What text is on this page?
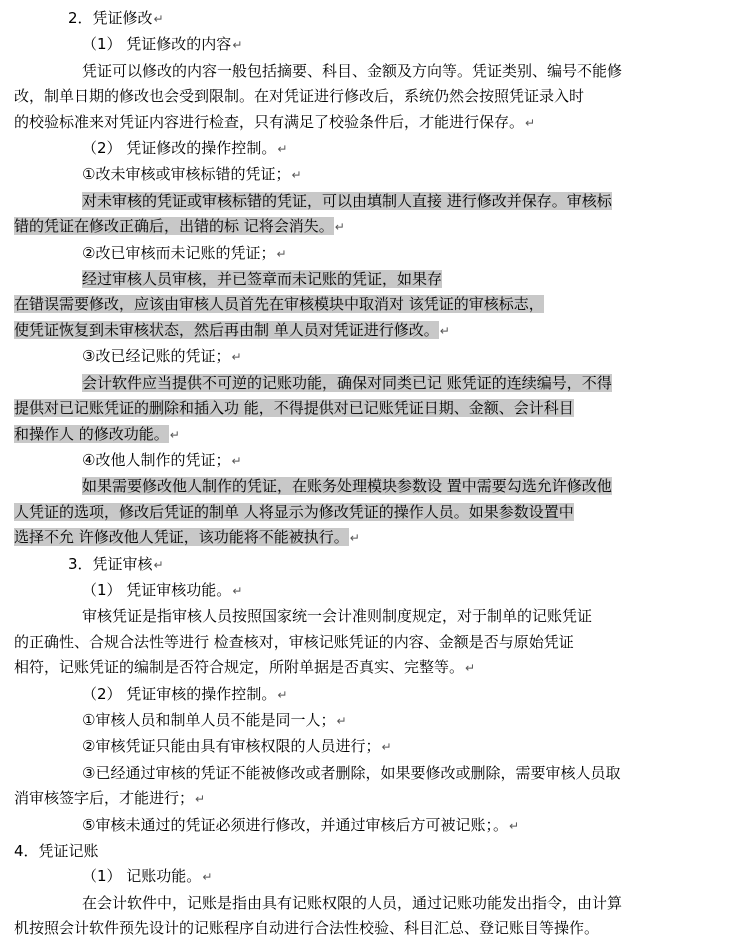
2．凭证修改↵
（1） 凭证修改的内容↵
凭证可以修改的内容一般包括摘要、科目、金额及方向等。凭证类别、编号不能修
改，制单日期的修改也会受到限制。在对凭证进行修改后，系统仍然会按照凭证录入时
的校验标准来对凭证内容进行检查，只有满足了校验条件后，才能进行保存。↵
（2） 凭证修改的操作控制。↵
①改未审核或审核标错的凭证；↵
对未审核的凭证或审核标错的凭证，可以由填制人直接 进行修改并保存。审核标
错的凭证在修改正确后，出错的标 记将会消失。↵
②改已审核而未记账的凭证；↵
经过审核人员审核，并已签章而未记账的凭证，如果存
在错误需要修改，应该由审核人员首先在审核模块中取消对 该凭证的审核标志，
使凭证恢复到未审核状态，然后再由制 单人员对凭证进行修改。↵
③改已经记账的凭证；↵
会计软件应当提供不可逆的记账功能，确保对同类已记 账凭证的连续编号，不得
提供对已记账凭证的删除和插入功 能，不得提供对已记账凭证日期、金额、会计科目
和操作人 的修改功能。↵
④改他人制作的凭证；↵
如果需要修改他人制作的凭证，在账务处理模块参数设 置中需要勾选允许修改他
人凭证的选项，修改后凭证的制单 人将显示为修改凭证的操作人员。如果参数设置中
选择不允 许修改他人凭证，该功能将不能被执行。↵
3．凭证审核↵
（1） 凭证审核功能。↵
审核凭证是指审核人员按照国家统一会计准则制度规定，对于制单的记账凭证
的正确性、合规合法性等进行 检查核对，审核记账凭证的内容、金额是否与原始凭证
相符，记账凭证的编制是否符合规定，所附单据是否真实、完整等。↵
（2） 凭证审核的操作控制。↵
①审核人员和制单人员不能是同一人；↵
②审核凭证只能由具有审核权限的人员进行；↵
③已经通过审核的凭证不能被修改或者删除，如果要修改或删除，需要审核人员取
消审核签字后，才能进行；↵
⑤审核未通过的凭证必须进行修改，并通过审核后方可被记账；。↵
4．凭证记账
（1） 记账功能。↵
在会计软件中，记账是指由具有记账权限的人员，通过记账功能发出指令，由计算
机按照会计软件预先设计的记账程序自动进行合法性校验、科目汇总、登记账目等操作。
